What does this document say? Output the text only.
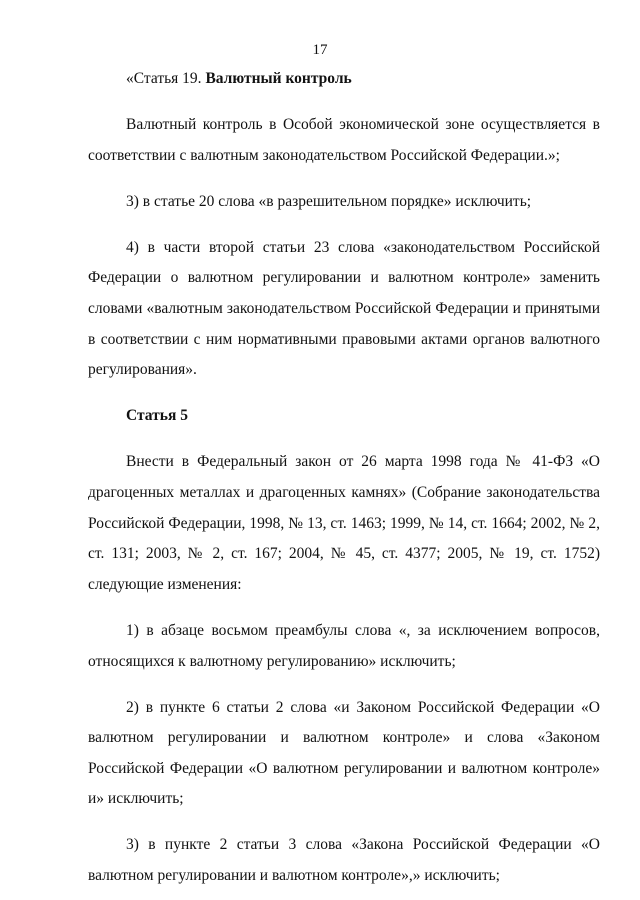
17

«Статья 19. Валютный контроль

Валютный контроль в Особой экономической зоне осуществляется в соответствии с валютным законодательством Российской Федерации.»;

3) в статье 20 слова «в разрешительном порядке» исключить;

4) в части второй статьи 23 слова «законодательством Российской Федерации о валютном регулировании и валютном контроле» заменить словами «валютным законодательством Российской Федерации и принятыми в соответствии с ним нормативными правовыми актами органов валютного регулирования».

Статья 5

Внести в Федеральный закон от 26 марта 1998 года № 41-ФЗ «О драгоценных металлах и драгоценных камнях» (Собрание законодательства Российской Федерации, 1998, № 13, ст. 1463; 1999, № 14, ст. 1664; 2002, № 2, ст. 131; 2003, № 2, ст. 167; 2004, № 45, ст. 4377; 2005, № 19, ст. 1752) следующие изменения:

1) в абзаце восьмом преамбулы слова «, за исключением вопросов, относящихся к валютному регулированию» исключить;

2) в пункте 6 статьи 2 слова «и Законом Российской Федерации «О валютном регулировании и валютном контроле» и слова «Законом Российской Федерации «О валютном регулировании и валютном контроле» и» исключить;

3) в пункте 2 статьи 3 слова «Закона Российской Федерации «О валютном регулировании и валютном контроле»,» исключить;
